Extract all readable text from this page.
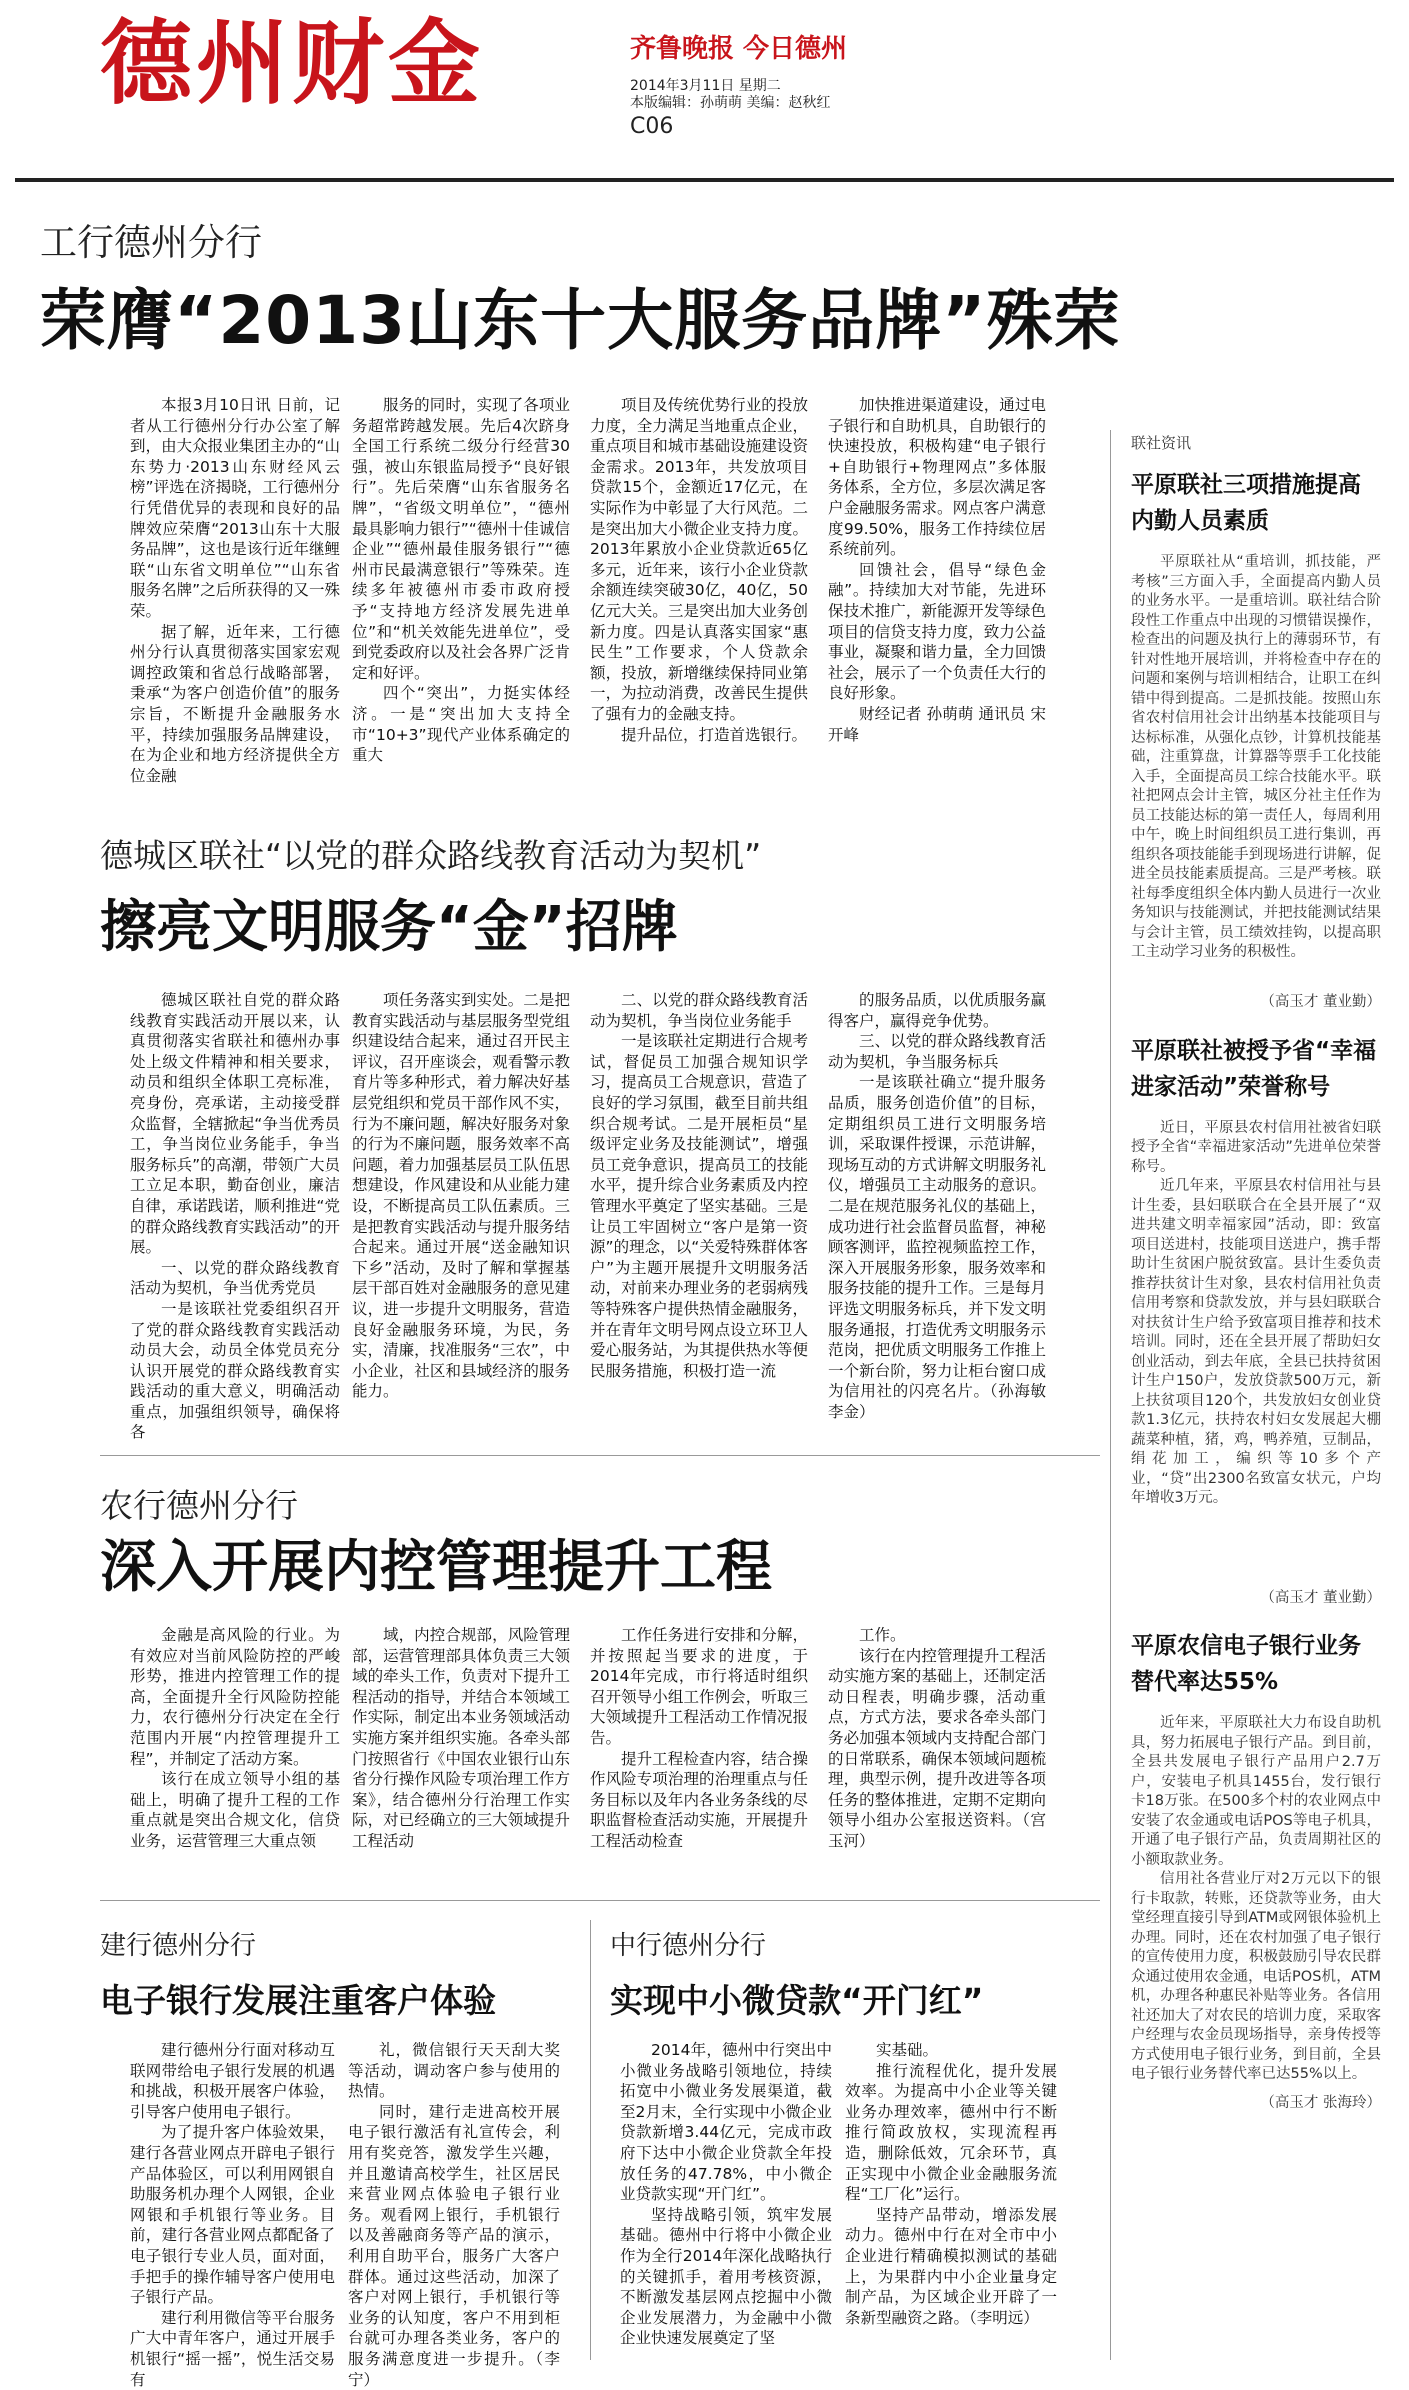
德州财金	齐鲁晚报 今日德州
2014年3月11日 星期二
本版编辑：孙萌萌 美编：赵秋红
C06
工行德州分行
荣膺“2013山东十大服务品牌”殊荣

本报3月10日讯 日前，记者从工行德州分行办公室了解到，由大众报业集团主办的“山东势力·2013山东财经风云榜”评选在济揭晓，工行德州分行凭借优异的表现和良好的品牌效应荣膺“2013山东十大服务品牌”，这也是该行近年继鲤联“山东省文明单位”“山东省服务名牌”之后所获得的又一殊荣。

据了解，近年来，工行德州分行认真贯彻落实国家宏观调控政策和省总行战略部署，秉承“为客户创造价值”的服务宗旨，不断提升金融服务水平，持续加强服务品牌建设，在为企业和地方经济提供全方位金融

服务的同时，实现了各项业务超常跨越发展。先后4次跻身全国工行系统二级分行经营30强，被山东银监局授予“良好银行”。先后荣膺“山东省服务名牌”，“省级文明单位”，“德州最具影响力银行”“德州十佳诚信企业”“德州最佳服务银行”“德州市民最满意银行”等殊荣。连续多年被德州市委市政府授予“支持地方经济发展先进单位”和“机关效能先进单位”，受到党委政府以及社会各界广泛肯定和好评。

四个“突出”，力挺实体经济。一是“突出加大支持全市“10+3”现代产业体系确定的重大

项目及传统优势行业的投放力度，全力满足当地重点企业，重点项目和城市基础设施建设资金需求。2013年，共发放项目贷款15个，金额近17亿元，在实际作为中彰显了大行风范。二是突出加大小微企业支持力度。2013年累放小企业贷款近65亿多元，近年来，该行小企业贷款余额连续突破30亿，40亿，50亿元大关。三是突出加大业务创新力度。四是认真落实国家“惠民生”工作要求，个人贷款余额，投放，新增继续保持同业第一，为拉动消费，改善民生提供了强有力的金融支持。

提升品位，打造首选银行。

加快推进渠道建设，通过电子银行和自助机具，自助银行的快速投放，积极构建“电子银行+自助银行+物理网点”多体服务体系，全方位，多层次满足客户金融服务需求。网点客户满意度99.50%，服务工作持续位居系统前列。

回馈社会，倡导“绿色金融”。持续加大对节能，先进环保技术推广，新能源开发等绿色项目的信贷支持力度，致力公益事业，凝聚和谐力量，全力回馈社会，展示了一个负责任大行的良好形象。

财经记者 孙萌萌 通讯员 宋开峰

德城区联社“以党的群众路线教育活动为契机”
擦亮文明服务“金”招牌

德城区联社自党的群众路线教育实践活动开展以来，认真贯彻落实省联社和德州办事处上级文件精神和相关要求，动员和组织全体职工亮标准，亮身份，亮承诺，主动接受群众监督，全辖掀起“争当优秀员工，争当岗位业务能手，争当服务标兵”的高潮，带领广大员工立足本职，勤奋创业，廉洁自律，承诺践诺，顺利推进“党的群众路线教育实践活动”的开展。

一、以党的群众路线教育活动为契机，争当优秀党员

一是该联社党委组织召开了党的群众路线教育实践活动动员大会，动员全体党员充分认识开展党的群众路线教育实践活动的重大意义，明确活动重点，加强组织领导，确保将各

项任务落实到实处。二是把教育实践活动与基层服务型党组织建设结合起来，通过召开民主评议，召开座谈会，观看警示教育片等多种形式，着力解决好基层党组织和党员干部作风不实，行为不廉问题，解决好服务对象的行为不廉问题，服务效率不高问题，着力加强基层员工队伍思想建设，作风建设和从业能力建设，不断提高员工队伍素质。三是把教育实践活动与提升服务结合起来。通过开展“送金融知识下乡”活动，及时了解和掌握基层干部百姓对金融服务的意见建议，进一步提升文明服务，营造良好金融服务环境，为民，务实，清廉，找准服务“三农”，中小企业，社区和县域经济的服务能力。

二、以党的群众路线教育活动为契机，争当岗位业务能手

一是该联社定期进行合规考试，督促员工加强合规知识学习，提高员工合规意识，营造了良好的学习氛围，截至目前共组织合规考试。二是开展柜员“星级评定业务及技能测试”，增强员工竞争意识，提高员工的技能水平，提升综合业务素质及内控管理水平奠定了坚实基础。三是让员工牢固树立“客户是第一资源”的理念，以“关爱特殊群体客户”为主题开展提升文明服务活动，对前来办理业务的老弱病残等特殊客户提供热情金融服务，并在青年文明号网点设立环卫人爱心服务站，为其提供热水等便民服务措施，积极打造一流

的服务品质，以优质服务赢得客户，赢得竞争优势。

三、以党的群众路线教育活动为契机，争当服务标兵

一是该联社确立“提升服务品质，服务创造价值”的目标，定期组织员工进行文明服务培训，采取课件授课，示范讲解，现场互动的方式讲解文明服务礼仪，增强员工主动服务的意识。二是在规范服务礼仪的基础上，成功进行社会监督员监督，神秘顾客测评，监控视频监控工作，深入开展服务形象，服务效率和服务技能的提升工作。三是每月评选文明服务标兵，并下发文明服务通报，打造优秀文明服务示范岗，把优质文明服务工作推上一个新台阶，努力让柜台窗口成为信用社的闪亮名片。（孙海敏 李金）

农行德州分行
深入开展内控管理提升工程

金融是高风险的行业。为有效应对当前风险防控的严峻形势，推进内控管理工作的提高，全面提升全行风险防控能力，农行德州分行决定在全行范围内开展“内控管理提升工程”，并制定了活动方案。

该行在成立领导小组的基础上，明确了提升工程的工作重点就是突出合规文化，信贷业务，运营管理三大重点领

域，内控合规部，风险管理部，运营管理部具体负责三大领域的牵头工作，负责对下提升工程活动的指导，并结合本领域工作实际，制定出本业务领域活动实施方案并组织实施。各牵头部门按照省行《中国农业银行山东省分行操作风险专项治理工作方案》，结合德州分行治理工作实际，对已经确立的三大领域提升工程活动

工作任务进行安排和分解，并按照起当要求的进度，于2014年完成，市行将适时组织召开领导小组工作例会，听取三大领域提升工程活动工作情况报告。

提升工程检查内容，结合操作风险专项治理的治理重点与任务目标以及年内各业务条线的尽职监督检查活动实施，开展提升工程活动检查

工作。

该行在内控管理提升工程活动实施方案的基础上，还制定活动日程表，明确步骤，活动重点，方式方法，要求各牵头部门务必加强本领域内支持配合部门的日常联系，确保本领域问题梳理，典型示例，提升改进等各项任务的整体推进，定期不定期向领导小组办公室报送资料。（宫玉河）

建行德州分行
电子银行发展注重客户体验

建行德州分行面对移动互联网带给电子银行发展的机遇和挑战，积极开展客户体验，引导客户使用电子银行。

为了提升客户体验效果，建行各营业网点开辟电子银行产品体验区，可以利用网银自助服务机办理个人网银，企业网银和手机银行等业务。目前，建行各营业网点都配备了电子银行专业人员，面对面，手把手的操作辅导客户使用电子银行产品。

建行利用微信等平台服务广大中青年客户，通过开展手机银行“摇一摇”，悦生活交易有

礼，微信银行天天刮大奖等活动，调动客户参与使用的热情。

同时，建行走进高校开展电子银行激活有礼宣传会，利用有奖竞答，激发学生兴趣，并且邀请高校学生，社区居民来营业网点体验电子银行业务。观看网上银行，手机银行以及善融商务等产品的演示，利用自助平台，服务广大客户群体。通过这些活动，加深了客户对网上银行，手机银行等业务的认知度，客户不用到柜台就可办理各类业务，客户的服务满意度进一步提升。（李宁）

中行德州分行
实现中小微贷款“开门红”

2014年，德州中行突出中小微业务战略引领地位，持续拓宽中小微业务发展渠道，截至2月末，全行实现中小微企业贷款新增3.44亿元，完成市政府下达中小微企业贷款全年投放任务的47.78%，中小微企业贷款实现“开门红”。

坚持战略引领，筑牢发展基础。德州中行将中小微企业作为全行2014年深化战略执行的关键抓手，着用考核资源，不断激发基层网点挖掘中小微企业发展潜力，为金融中小微企业快速发展奠定了坚

实基础。

推行流程优化，提升发展效率。为提高中小企业等关键业务办理效率，德州中行不断推行简政放权，实现流程再造，删除低效，冗余环节，真正实现中小微企业金融服务流程“工厂化”运行。

坚持产品带动，增添发展动力。德州中行在对全市中小企业进行精确模拟测试的基础上，为果群内中小企业量身定制产品，为区域企业开辟了一条新型融资之路。（李明远）

联社资讯
平原联社三项措施提高内勤人员素质
平原联社从“重培训，抓技能，严考核”三方面入手，全面提高内勤人员的业务水平。一是重培训。联社结合阶段性工作重点中出现的习惯错误操作，检查出的问题及执行上的薄弱环节，有针对性地开展培训，并将检查中存在的问题和案例与培训相结合，让职工在纠错中得到提高。二是抓技能。按照山东省农村信用社会计出纳基本技能项目与达标标准，从强化点钞，计算机技能基础，注重算盘，计算器等票手工化技能入手，全面提高员工综合技能水平。联社把网点会计主管，城区分社主任作为员工技能达标的第一责任人，每周利用中午，晚上时间组织员工进行集训，再组织各项技能能手到现场进行讲解，促进全员技能素质提高。三是严考核。联社每季度组织全体内勤人员进行一次业务知识与技能测试，并把技能测试结果与会计主管，员工绩效挂钩，以提高职工主动学习业务的积极性。
（高玉才 董业勤）
平原联社被授予省“幸福进家活动”荣誉称号

近日，平原县农村信用社被省妇联授予全省“幸福进家活动”先进单位荣誉称号。

近几年来，平原县农村信用社与县计生委，县妇联联合在全县开展了“双进共建文明幸福家园”活动，即：致富项目送进村，技能项目送进户，携手帮助计生贫困户脱贫致富。县计生委负责推荐扶贫计生对象，县农村信用社负责信用考察和贷款发放，并与县妇联联合对扶贫计生户给予致富项目推荐和技术培训。同时，还在全县开展了帮助妇女创业活动，到去年底，全县已扶持贫困计生户150户，发放贷款500万元，新上扶贫项目120个，共发放妇女创业贷款1.3亿元，扶持农村妇女发展起大棚蔬菜种植，猪，鸡，鸭养殖，豆制品，绢花加工，编织等10多个产业，“贷”出2300名致富女状元，户均年增收3万元。

（高玉才 董业勤）
平原农信电子银行业务替代率达55%

近年来，平原联社大力布设自助机具，努力拓展电子银行产品。到目前，全县共发展电子银行产品用户2.7万户，安装电子机具1455台，发行银行卡18万张。在500多个村的农业网点中安装了农金通或电话POS等电子机具，开通了电子银行产品，负责周期社区的小额取款业务。

信用社各营业厅对2万元以下的银行卡取款，转账，还贷款等业务，由大堂经理直接引导到ATM或网银体验机上办理。同时，还在农村加强了电子银行的宣传使用力度，积极鼓励引导农民群众通过使用农金通，电话POS机，ATM机，办理各种惠民补贴等业务。各信用社还加大了对农民的培训力度，采取客户经理与农金员现场指导，亲身传授等方式使用电子银行业务，到目前，全县电子银行业务替代率已达55%以上。

（高玉才 张海玲）
